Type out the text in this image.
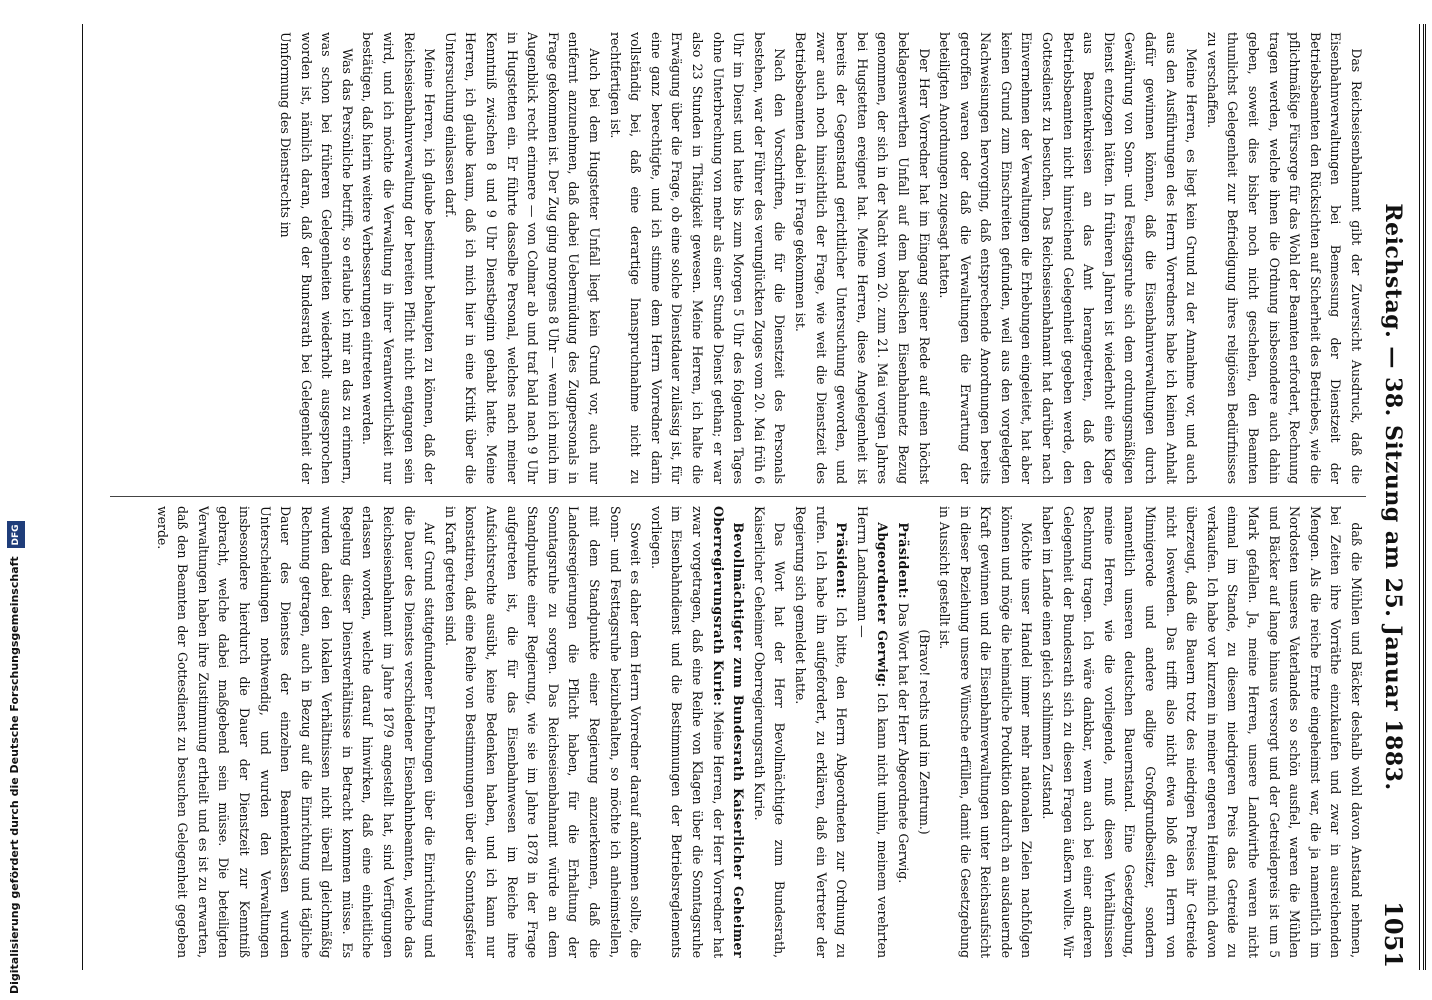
Reichstag. — 38. Sitzung am 25. Januar 1883.
1051

Das Reichseisenbahnamt gibt der Zuversicht Ausdruck, daß die Eisenbahnverwaltungen bei Bemessung der Dienstzeit der Betriebsbeamten den Rücksichten auf Sicherheit des Betriebes, wie die pflichtmäßige Fürsorge für das Wohl der Beamten erfordert, Rechnung tragen werden, welche ihnen die Ordnung insbesondere auch dahin geben, soweit dies bisher noch nicht geschehen, den Beamten thunlichst Gelegenheit zur Befriedigung ihres religiösen Bedürfnisses zu verschaffen.

Meine Herren, es liegt kein Grund zu der Annahme vor, und auch aus den Ausführungen des Herrn Vorredners habe ich keinen Anhalt dafür gewinnen können, daß die Eisenbahnverwaltungen durch Gewährung von Sonn- und Festtagsruhe sich dem ordnungsmäßigen Dienst entzogen hätten. In früheren Jahren ist wiederholt eine Klage aus Beamtenkreisen an das Amt herangetreten, daß den Betriebsbeamten nicht hinreichend Gelegenheit gegeben werde, den Gottesdienst zu besuchen. Das Reichseisenbahnamt hat darüber nach Einvernehmen der Verwaltungen die Erhebungen eingeleitet, hat aber keinen Grund zum Einschreiten gefunden, weil aus den vorgelegten Nachweisungen hervorging, daß entsprechende Anordnungen bereits getroffen waren oder daß die Verwaltungen die Erwartung der beteiligten Anordnungen zugesagt hatten.

Der Herr Vorredner hat im Eingang seiner Rede auf einen höchst beklagenswerthen Unfall auf dem badischen Eisenbahnnetz Bezug genommen, der sich in der Nacht vom 20. zum 21. Mai vorigen Jahres bei Hugstetten ereignet hat. Meine Herren, diese Angelegenheit ist bereits der Gegenstand gerichtlicher Untersuchung geworden, und zwar auch noch hinsichtlich der Frage, wie weit die Dienstzeit des Betriebsbeamten dabei in Frage gekommen ist.

Nach den Vorschriften, die für die Dienstzeit des Personals bestehen, war der Führer des verunglückten Zuges vom 20. Mai früh 6 Uhr im Dienst und hatte bis zum Morgen 5 Uhr des folgenden Tages ohne Unterbrechung von mehr als einer Stunde Dienst gethan; er war also 23 Stunden in Thätigkeit gewesen. Meine Herren, ich halte die Erwägung über die Frage, ob eine solche Dienstdauer zulässig ist, für eine ganz berechtigte, und ich stimme dem Herrn Vorredner darin vollständig bei, daß eine derartige Inanspruchnahme nicht zu rechtfertigen ist.

Auch bei dem Hugstetter Unfall liegt kein Grund vor, auch nur entfernt anzunehmen, daß dabei Uebermüdung des Zugpersonals in Frage gekommen ist. Der Zug ging morgens 8 Uhr — wenn ich mich im Augenblick recht erinnere — von Colmar ab und traf bald nach 9 Uhr in Hugstetten ein. Er führte dasselbe Personal, welches nach meiner Kenntniß zwischen 8 und 9 Uhr Dienstbeginn gehabt hatte. Meine Herren, ich glaube kaum, daß ich mich hier in eine Kritik über die Untersuchung einlassen darf.

Meine Herren, ich glaube bestimmt behaupten zu können, daß der Reichseisenbahnverwaltung der bereiten Pflicht nicht entgangen sein wird, und ich möchte die Verwaltung in ihrer Verantwortlichkeit nur bestätigen, daß hierin weitere Verbesserungen eintreten werden.

Was das Persönliche betrifft, so erlaube ich mir an das zu erinnern, was schon bei früheren Gelegenheiten wiederholt ausgesprochen worden ist, nämlich daran, daß der Bundesrath bei Gelegenheit der Umformung des Dienstrechts im

daß die Mühlen und Bäcker deshalb wohl davon Anstand nehmen, bei Zeiten ihre Vorräthe einzukaufen und zwar in ausreichenden Mengen. Als die reiche Ernte eingeheimst war, die ja namentlich im Nordosten unseres Vaterlandes so schön ausfiel, waren die Mühlen und Bäcker auf lange hinaus versorgt und der Getreidepreis ist um 5 Mark gefallen. Ja, meine Herren, unsere Landwirthe waren nicht einmal im Stande, zu diesem niedrigeren Preis das Getreide zu verkaufen. Ich habe vor kurzem in meiner engeren Heimat mich davon überzeugt, daß die Bauern trotz des niedrigen Preises ihr Getreide nicht loswerden. Das trifft also nicht etwa bloß den Herrn von Minnigerode und andere adlige Großgrundbesitzer, sondern namentlich unseren deutschen Bauernstand. Eine Gesetzgebung, meine Herren, wie die vorliegende, muß diesen Verhältnissen Rechnung tragen. Ich wäre dankbar, wenn auch bei einer anderen Gelegenheit der Bundesrath sich zu diesen Fragen äußern wollte. Wir haben im Lande einen gleich schlimmen Zustand.

Möchte unser Handel immer mehr nationalen Zielen nachfolgen können und möge die heimatliche Produktion dadurch an ausdauernde Kraft gewinnen und die Eisenbahnverwaltungen unter Reichsaufsicht in dieser Beziehung unsere Wünsche erfüllen, damit die Gesetzgebung in Aussicht gestellt ist.

(Bravo! rechts und im Zentrum.)

Präsident: Das Wort hat der Herr Abgeordnete Gerwig.

Abgeordneter Gerwig: Ich kann nicht umhin, meinem verehrten Herrn Landsmann —

Präsident: Ich bitte, den Herrn Abgeordneten zur Ordnung zu rufen. Ich habe ihn aufgefordert, zu erklären, daß ein Vertreter der Regierung sich gemeldet hatte.

Das Wort hat der Herr Bevollmächtigte zum Bundesrath, Kaiserlicher Geheimer Oberregierungsrath Kurie.

Bevollmächtigter zum Bundesrath Kaiserlicher Geheimer Oberregierungsrath Kurie: Meine Herren, der Herr Vorredner hat zwar vorgetragen, daß eine Reihe von Klagen über die Sonntagsruhe im Eisenbahndienst und die Bestimmungen der Betriebsreglements vorliegen.

Soweit es daher dem Herrn Vorredner darauf ankommen sollte, die Sonn- und Festtagsruhe beizubehalten, so möchte ich anheimstellen, mit dem Standpunkte einer Regierung anzuerkennen, daß die Landesregierungen die Pflicht haben, für die Erhaltung der Sonntagsruhe zu sorgen. Das Reichseisenbahnamt würde an dem Standpunkte einer Regierung, wie sie im Jahre 1878 in der Frage aufgetreten ist, die für das Eisenbahnwesen im Reiche ihre Aufsichtsrechte ausübt, keine Bedenken haben, und ich kann nur konstatiren, daß eine Reihe von Bestimmungen über die Sonntagsfeier in Kraft getreten sind.

Auf Grund stattgefundener Erhebungen über die Einrichtung und die Dauer des Dienstes verschiedener Eisenbahnbeamten, welche das Reichseisenbahnamt im Jahre 1879 angestellt hat, sind Verfügungen erlassen worden, welche darauf hinwirken, daß eine einheitliche Regelung dieser Dienstverhältnisse in Betracht kommen müsse. Es wurden dabei den lokalen Verhältnissen nicht überall gleichmäßig Rechnung getragen, auch in Bezug auf die Einrichtung und tägliche Dauer des Dienstes der einzelnen Beamtenklassen wurden Unterscheidungen nothwendig, und wurden den Verwaltungen insbesondere hierdurch die Dauer der Dienstzeit zur Kenntniß gebracht, welche dabei maßgebend sein müsse. Die beteiligten Verwaltungen haben ihre Zustimmung ertheilt und es ist zu erwarten, daß den Beamten der Gottesdienst zu besuchen Gelegenheit gegeben werde.

Digitalisierung gefördert durch die Deutsche Forschungsgemeinschaft DFG
